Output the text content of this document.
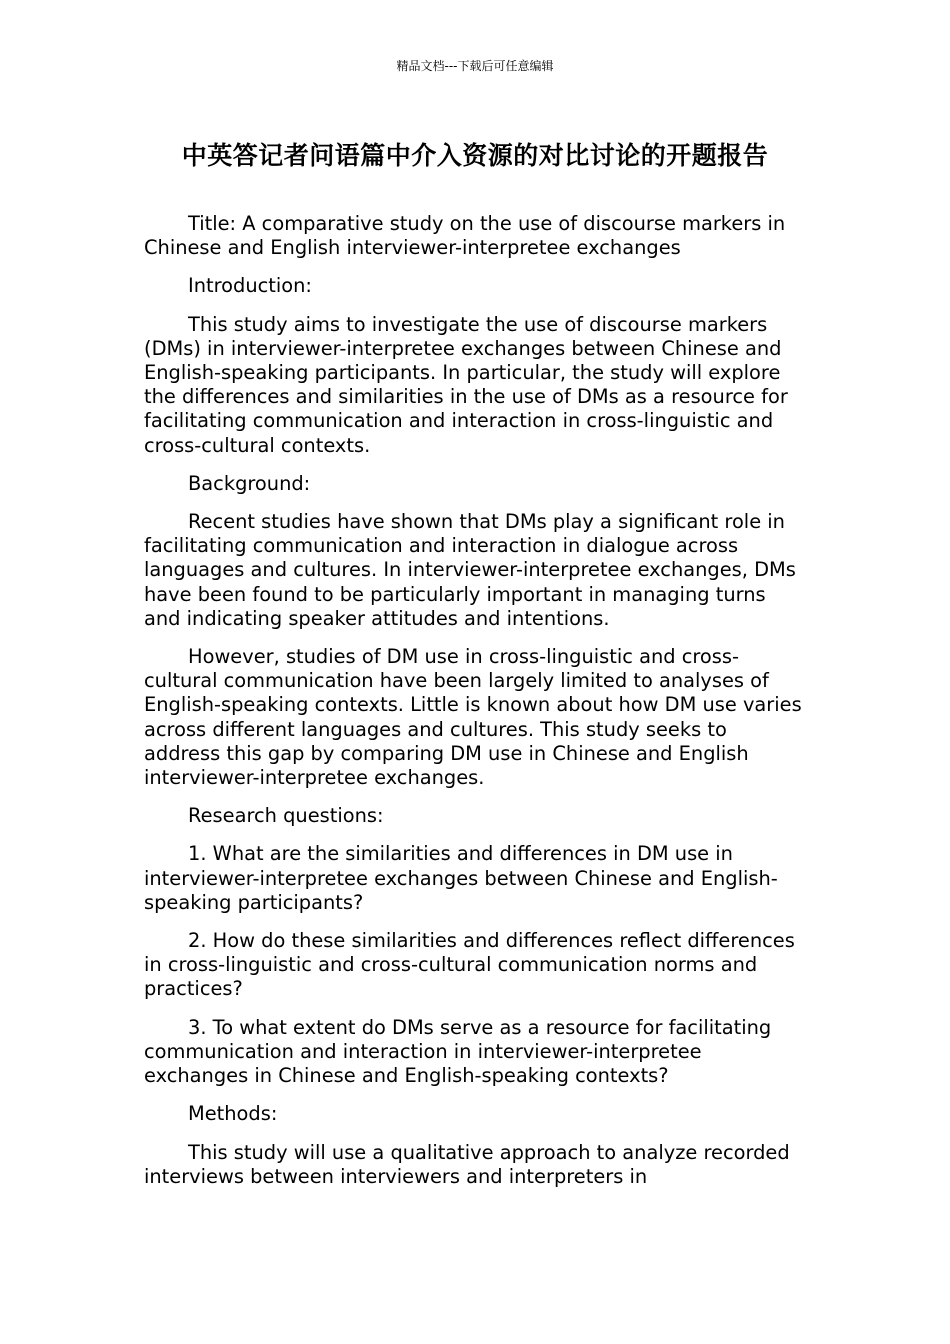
精品文档---下载后可任意编辑
中英答记者问语篇中介入资源的对比讨论的开题报告

Title: A comparative study on the use of discourse markers in Chinese and English interviewer-interpretee exchanges

Introduction:

This study aims to investigate the use of discourse markers (DMs) in interviewer-interpretee exchanges between Chinese and English-speaking participants. In particular, the study will explore the differences and similarities in the use of DMs as a resource for facilitating communication and interaction in cross-linguistic and cross-cultural contexts.

Background:

Recent studies have shown that DMs play a significant role in facilitating communication and interaction in dialogue across languages and cultures. In interviewer-interpretee exchanges, DMs have been found to be particularly important in managing turns and indicating speaker attitudes and intentions.

However, studies of DM use in cross-linguistic and cross-cultural communication have been largely limited to analyses of English-speaking contexts. Little is known about how DM use varies across different languages and cultures. This study seeks to address this gap by comparing DM use in Chinese and English interviewer-interpretee exchanges.

Research questions:

1. What are the similarities and differences in DM use in interviewer-interpretee exchanges between Chinese and English-speaking participants?

2. How do these similarities and differences reflect differences in cross-linguistic and cross-cultural communication norms and practices?

3. To what extent do DMs serve as a resource for facilitating communication and interaction in interviewer-interpretee exchanges in Chinese and English-speaking contexts?

Methods:

This study will use a qualitative approach to analyze recorded interviews between interviewers and interpreters in
